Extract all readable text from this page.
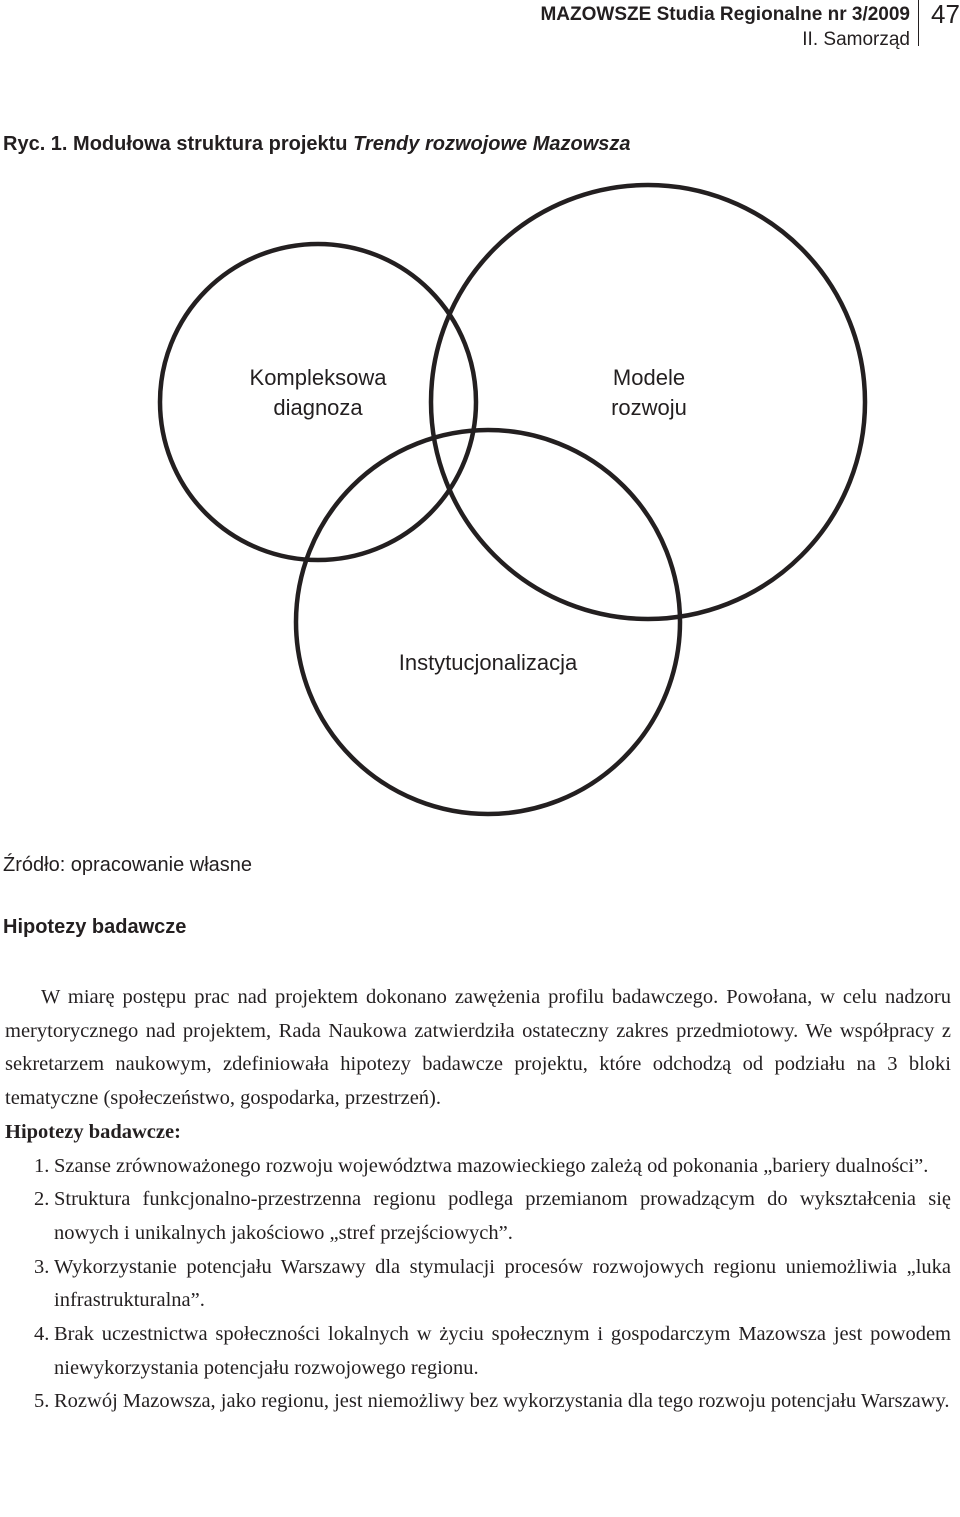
MAZOWSZE Studia Regionalne nr 3/2009
II. Samorząd
47
Ryc. 1. Modułowa struktura projektu Trendy rozwojowe Mazowsza
Kompleksowa
diagnoza
Modele
rozwoju
Instytucjonalizacja
Źródło: opracowanie własne
Hipotezy badawcze

W miarę postępu prac nad projektem dokonano zawężenia profilu badawczego. Powołana, w celu nadzoru merytorycznego nad projektem, Rada Naukowa zatwierdziła ostateczny zakres przedmiotowy. We współpracy z sekretarzem naukowym, zdefiniowała hipotezy badawcze projektu, które odchodzą od podziału na 3 bloki tematyczne (społeczeństwo, gospodarka, przestrzeń).

Hipotezy badawcze:

1. Szanse zrównoważonego rozwoju województwa mazowieckiego zależą od pokonania „bariery dualności”.
2. Struktura funkcjonalno-przestrzenna regionu podlega przemianom prowadzącym do wykształcenia się nowych i unikalnych jakościowo „stref przejściowych”.
3. Wykorzystanie potencjału Warszawy dla stymulacji procesów rozwojowych regionu uniemożliwia „luka infrastrukturalna”.
4. Brak uczestnictwa społeczności lokalnych w życiu społecznym i gospodarczym Mazowsza jest powodem niewykorzystania potencjału rozwojowego regionu.
5. Rozwój Mazowsza, jako regionu, jest niemożliwy bez wykorzystania dla tego rozwoju potencjału Warszawy.
